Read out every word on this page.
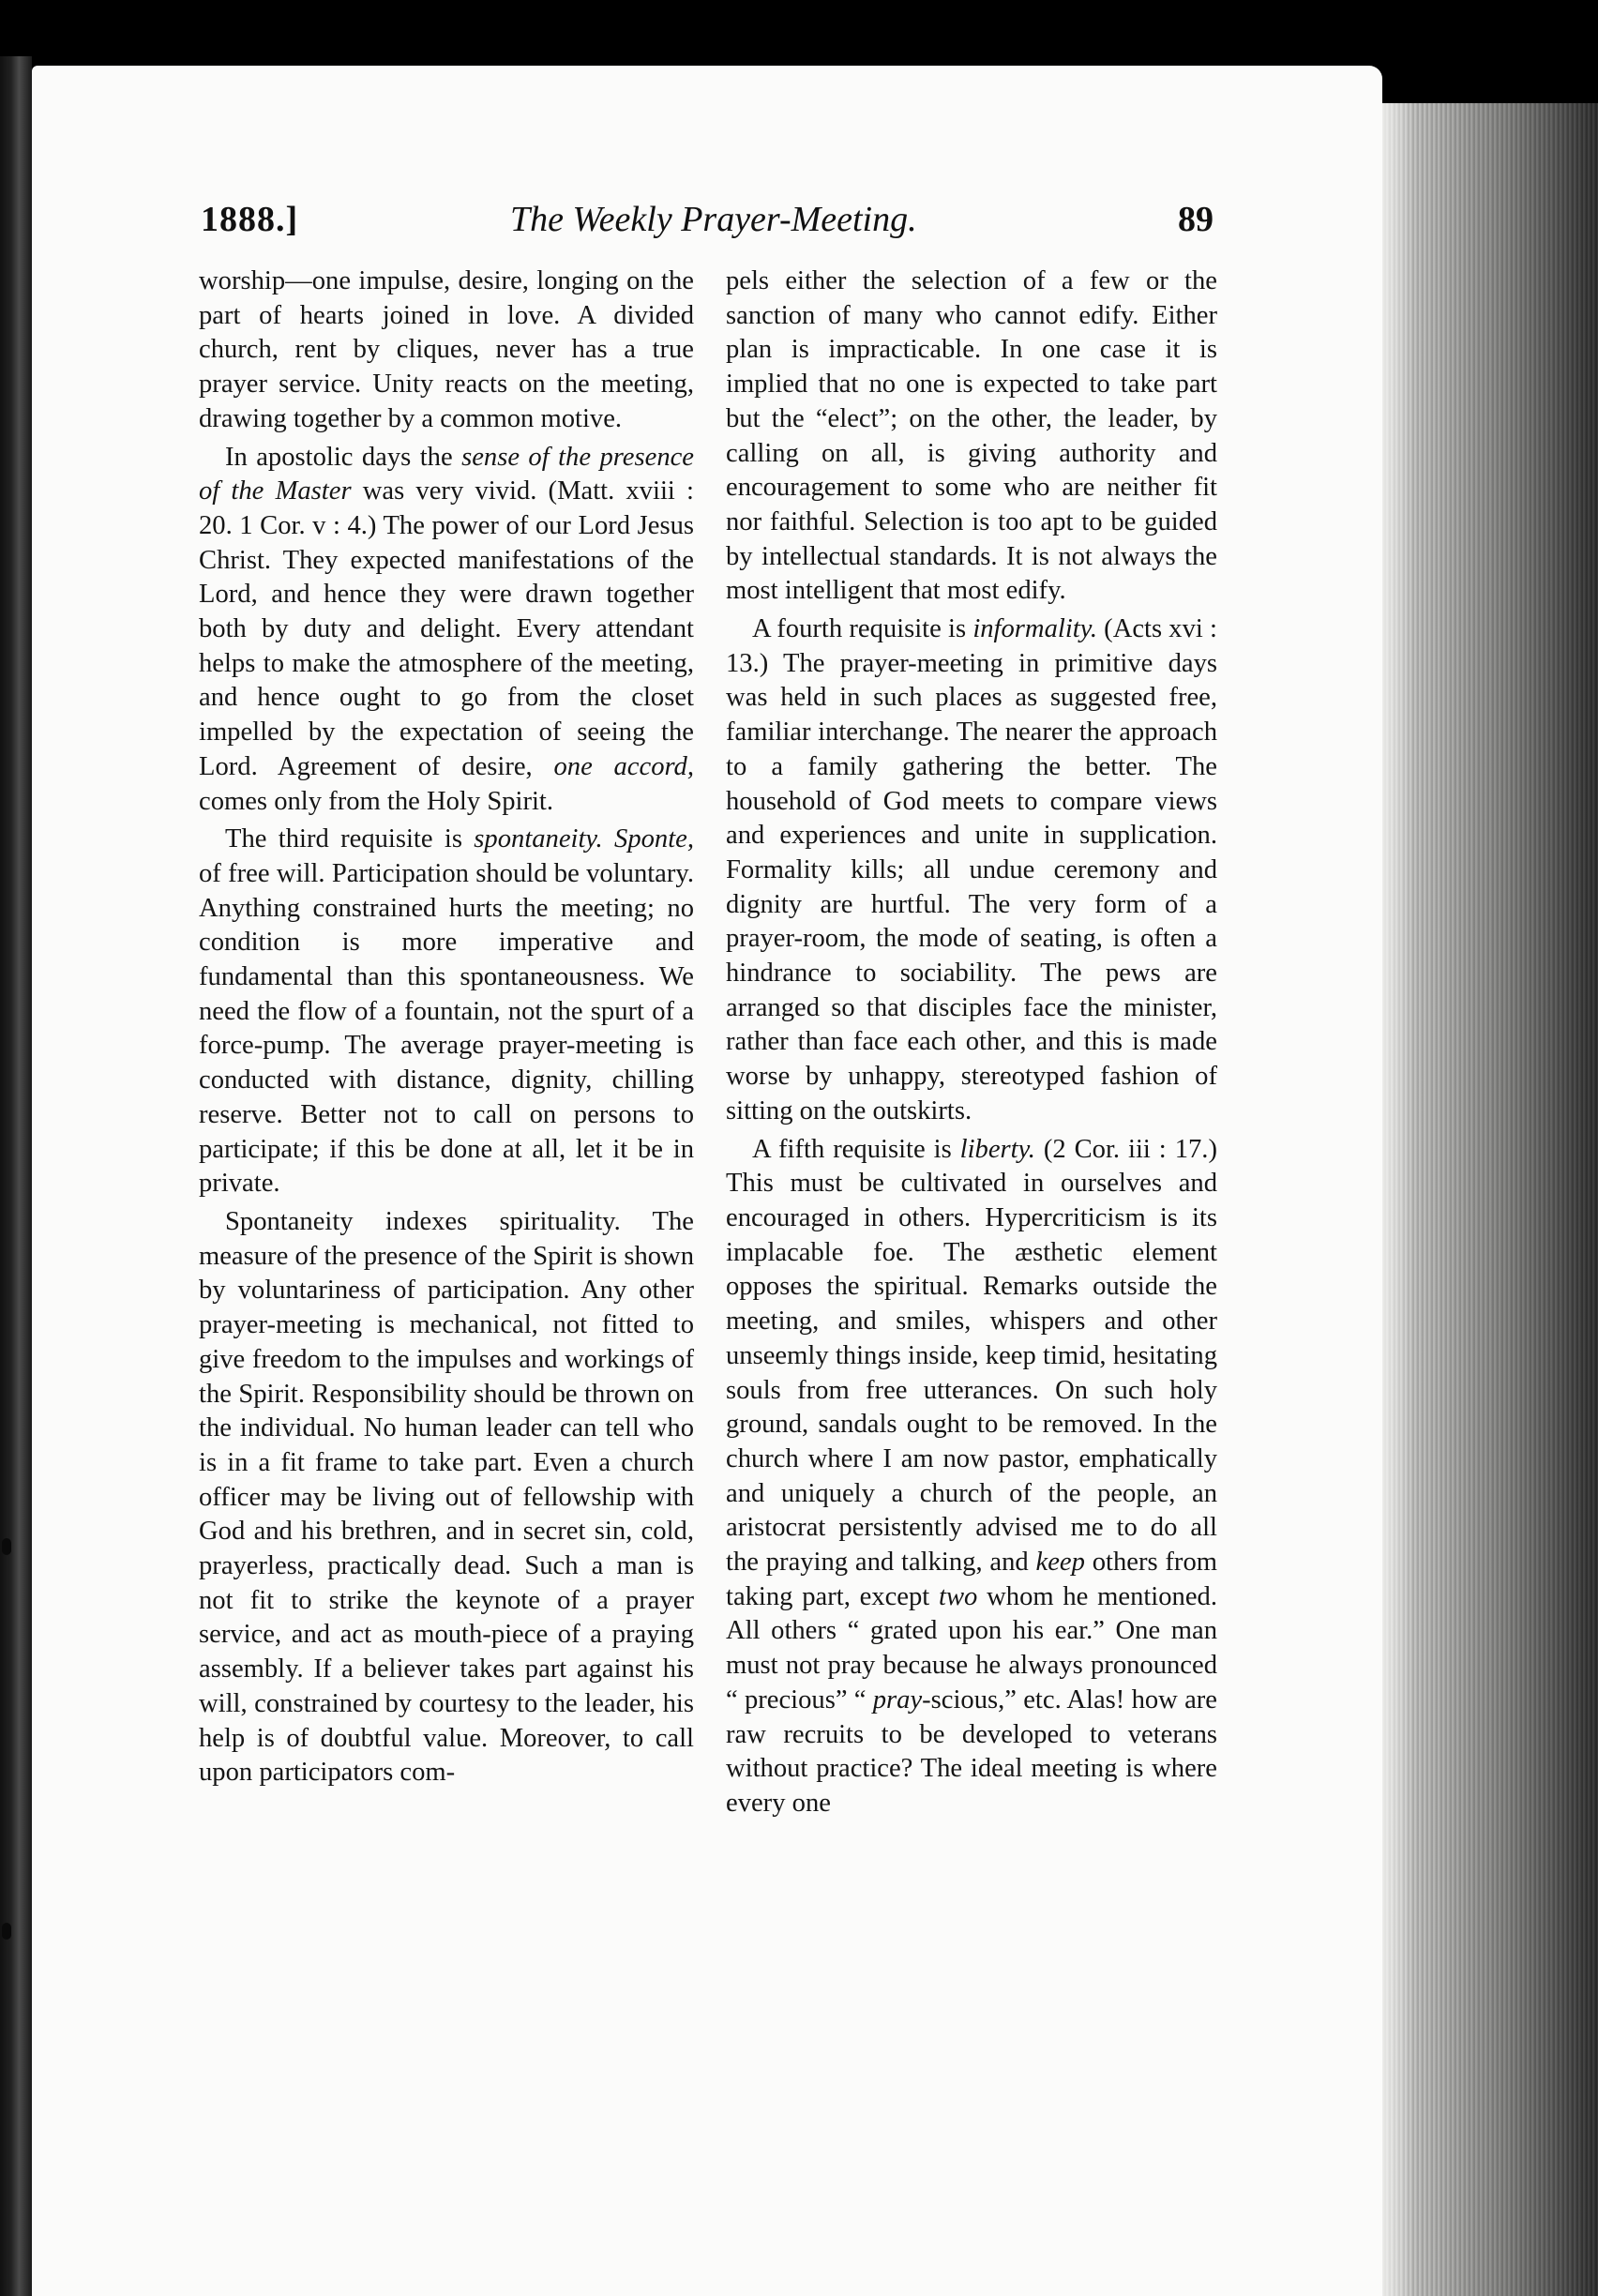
1888.]	The Weekly Prayer-Meeting.	89

worship—one impulse, desire, longing on the part of hearts joined in love. A divided church, rent by cliques, never has a true prayer service. Unity reacts on the meeting, drawing together by a common motive.

In apostolic days the sense of the presence of the Master was very vivid. (Matt. xviii : 20. 1 Cor. v : 4.) The power of our Lord Jesus Christ. They expected manifestations of the Lord, and hence they were drawn together both by duty and delight. Every attendant helps to make the atmosphere of the meeting, and hence ought to go from the closet impelled by the expectation of seeing the Lord. Agreement of desire, one accord, comes only from the Holy Spirit.

The third requisite is spontaneity. Sponte, of free will. Participation should be voluntary. Anything constrained hurts the meeting; no condition is more imperative and fundamental than this spontaneousness. We need the flow of a fountain, not the spurt of a force-pump. The average prayer-meeting is conducted with distance, dignity, chilling reserve. Better not to call on persons to participate; if this be done at all, let it be in private.

Spontaneity indexes spirituality. The measure of the presence of the Spirit is shown by voluntariness of participation. Any other prayer-meeting is mechanical, not fitted to give freedom to the impulses and workings of the Spirit. Responsibility should be thrown on the individual. No human leader can tell who is in a fit frame to take part. Even a church officer may be living out of fellowship with God and his brethren, and in secret sin, cold, prayerless, practically dead. Such a man is not fit to strike the keynote of a prayer service, and act as mouth-piece of a praying assembly. If a believer takes part against his will, constrained by courtesy to the leader, his help is of doubtful value. Moreover, to call upon participators com-

pels either the selection of a few or the sanction of many who cannot edify. Either plan is impracticable. In one case it is implied that no one is expected to take part but the “elect”; on the other, the leader, by calling on all, is giving authority and encouragement to some who are neither fit nor faithful. Selection is too apt to be guided by intellectual standards. It is not always the most intelligent that most edify.

A fourth requisite is informality. (Acts xvi : 13.) The prayer-meeting in primitive days was held in such places as suggested free, familiar interchange. The nearer the approach to a family gathering the better. The household of God meets to compare views and experiences and unite in supplication. Formality kills; all undue ceremony and dignity are hurtful. The very form of a prayer-room, the mode of seating, is often a hindrance to sociability. The pews are arranged so that disciples face the minister, rather than face each other, and this is made worse by unhappy, stereotyped fashion of sitting on the outskirts.

A fifth requisite is liberty. (2 Cor. iii : 17.) This must be cultivated in ourselves and encouraged in others. Hypercriticism is its implacable foe. The æsthetic element opposes the spiritual. Remarks outside the meeting, and smiles, whispers and other unseemly things inside, keep timid, hesitating souls from free utterances. On such holy ground, sandals ought to be removed. In the church where I am now pastor, emphatically and uniquely a church of the people, an aristocrat persistently advised me to do all the praying and talking, and keep others from taking part, except two whom he mentioned. All others “ grated upon his ear.” One man must not pray because he always pronounced “ precious” “ pray-scious,” etc. Alas! how are raw recruits to be developed to veterans without practice? The ideal meeting is where every one
